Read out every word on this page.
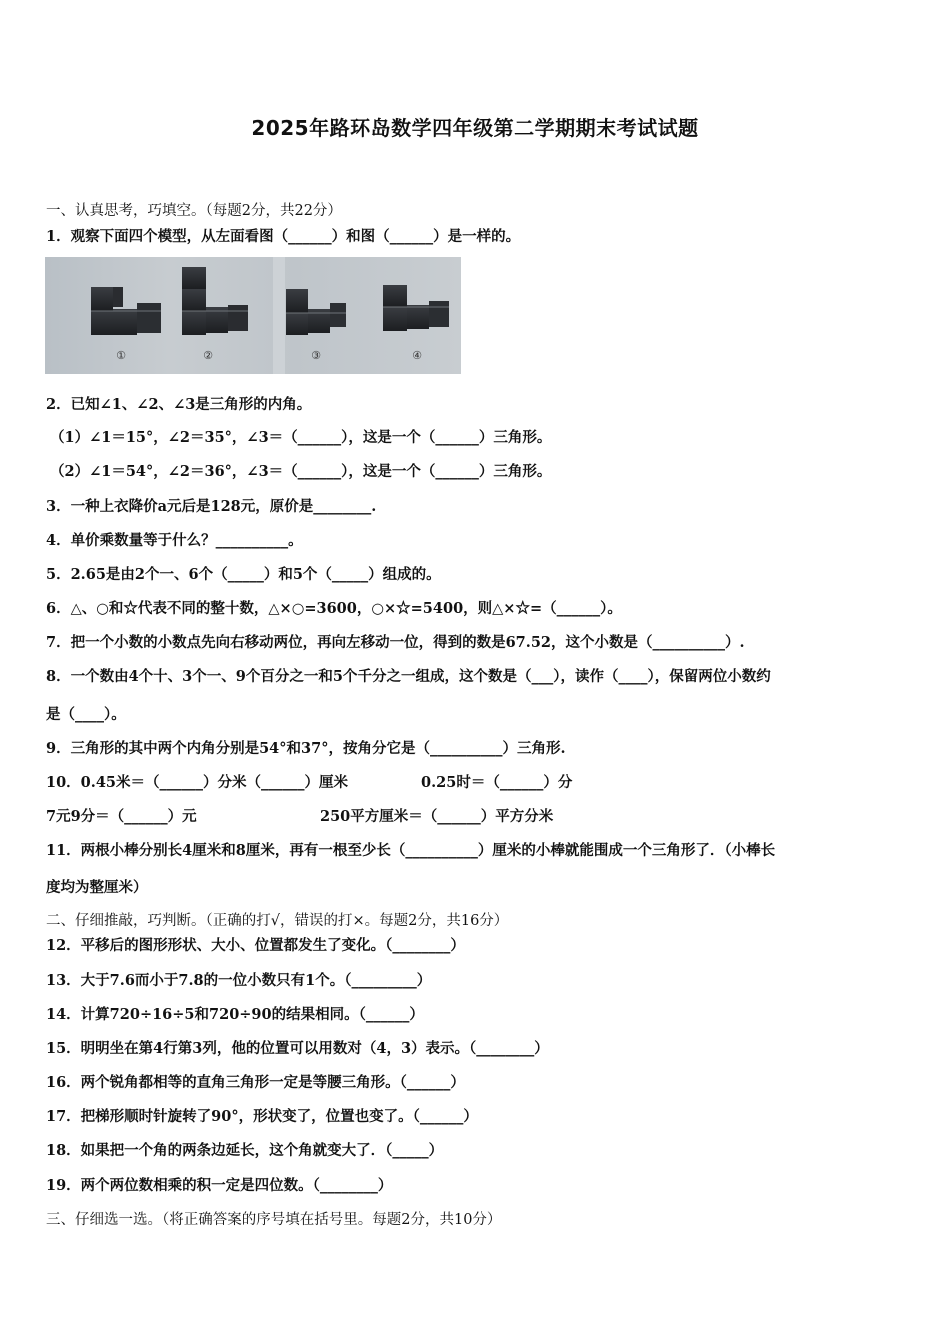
2025年路环岛数学四年级第二学期期末考试试题
一、认真思考，巧填空。（每题2分，共22分）
1．观察下面四个模型，从左面看图（______）和图（______）是一样的。
①	②	③	④
2．已知∠1、∠2、∠3是三角形的内角。
（1）∠1＝15°，∠2＝35°，∠3＝（______），这是一个（______）三角形。
（2）∠1＝54°，∠2＝36°，∠3＝（______），这是一个（______）三角形。
3．一种上衣降价a元后是128元，原价是________.
4．单价乘数量等于什么？__________。
5．2.65是由2个一、6个（_____）和5个（_____）组成的。
6．△、○和☆代表不同的整十数，△×○=3600，○×☆=5400，则△×☆=（______）。
7．把一个小数的小数点先向右移动两位，再向左移动一位，得到的数是67.52，这个小数是（__________）.
8．一个数由4个十、3个一、9个百分之一和5个千分之一组成，这个数是（___），读作（____），保留两位小数约
是（____）。
9．三角形的其中两个内角分别是54°和37°，按角分它是（__________）三角形.
10．0.45米＝（______）分米（______）厘米	0.25时＝（______）分
7元9分＝（______）元	250平方厘米＝（______）平方分米
11．两根小棒分别长4厘米和8厘米，再有一根至少长（__________）厘米的小棒就能围成一个三角形了．（小棒长
度均为整厘米）
二、仔细推敲，巧判断。（正确的打√，错误的打×。每题2分，共16分）
12．平移后的图形形状、大小、位置都发生了变化。（________）
13．大于7.6而小于7.8的一位小数只有1个。（_________）
14．计算720÷16÷5和720÷90的结果相同。（______）
15．明明坐在第4行第3列，他的位置可以用数对（4，3）表示。（________）
16．两个锐角都相等的直角三角形一定是等腰三角形。（______）
17．把梯形顺时针旋转了90°，形状变了，位置也变了。（______）
18．如果把一个角的两条边延长，这个角就变大了．（_____）
19．两个两位数相乘的积一定是四位数。（________）
三、仔细选一选。（将正确答案的序号填在括号里。每题2分，共10分）
